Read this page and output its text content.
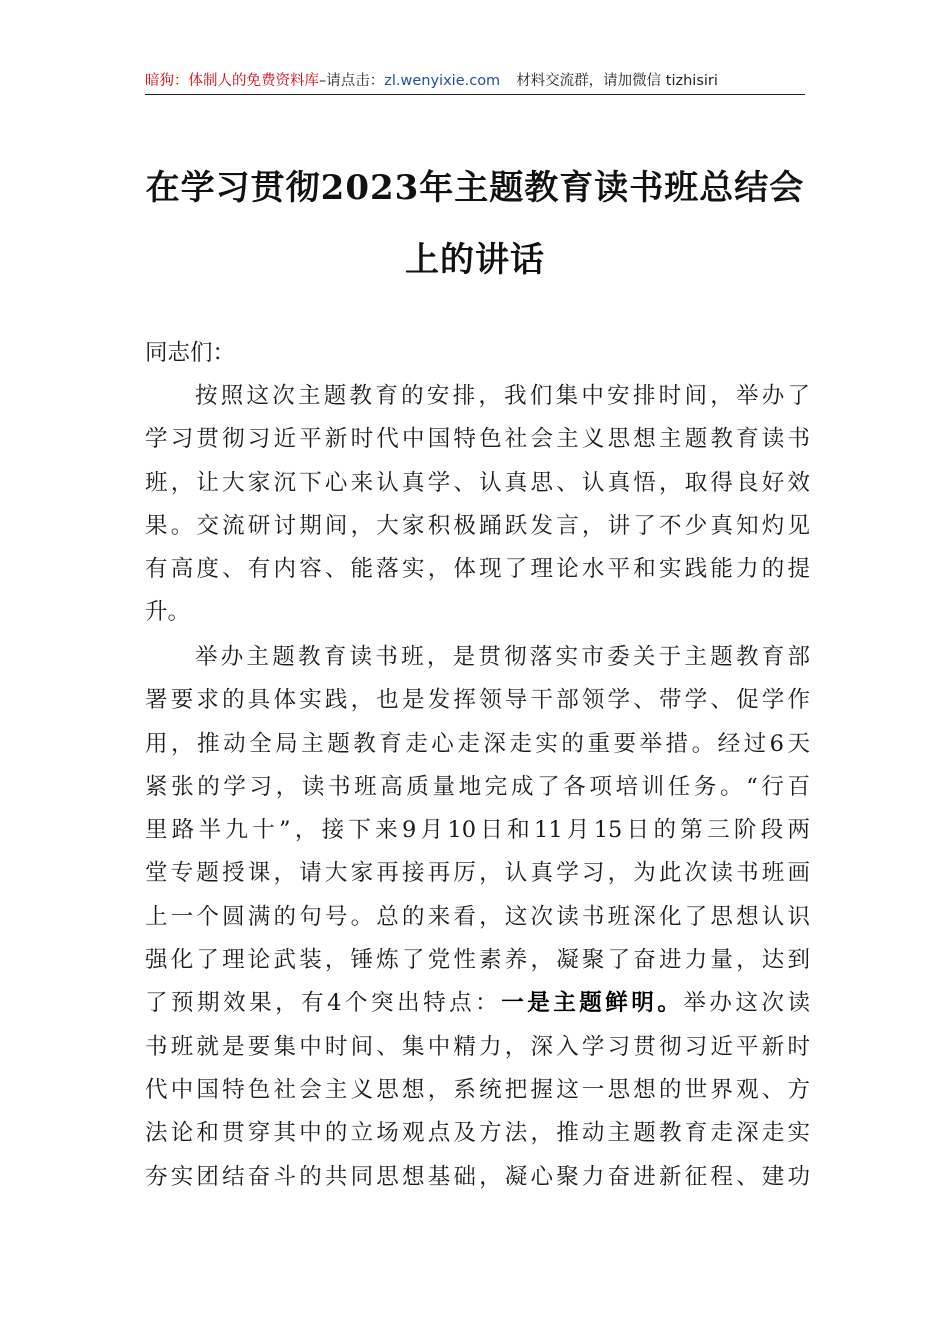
暗狗：体制人的免费资料库–请点击：zl.wenyixie.com 材料交流群，请加微信 tizhisiri
在学习贯彻2023年主题教育读书班总结会
上的讲话
同志们：
按照这次主题教育的安排，我们集中安排时间，举办了
学习贯彻习近平新时代中国特色社会主义思想主题教育读书
班，让大家沉下心来认真学、认真思、认真悟，取得良好效
果。交流研讨期间，大家积极踊跃发言，讲了不少真知灼见
有高度、有内容、能落实，体现了理论水平和实践能力的提
升。
举办主题教育读书班，是贯彻落实市委关于主题教育部
署要求的具体实践，也是发挥领导干部领学、带学、促学作
用，推动全局主题教育走心走深走实的重要举措。经过6天
紧张的学习，读书班高质量地完成了各项培训任务。“行百
里路半九十”，接下来9月10日和11月15日的第三阶段两
堂专题授课，请大家再接再厉，认真学习，为此次读书班画
上一个圆满的句号。总的来看，这次读书班深化了思想认识
强化了理论武装，锤炼了党性素养，凝聚了奋进力量，达到
了预期效果，有4个突出特点：一是主题鲜明。举办这次读
书班就是要集中时间、集中精力，深入学习贯彻习近平新时
代中国特色社会主义思想，系统把握这一思想的世界观、方
法论和贯穿其中的立场观点及方法，推动主题教育走深走实
夯实团结奋斗的共同思想基础，凝心聚力奋进新征程、建功
